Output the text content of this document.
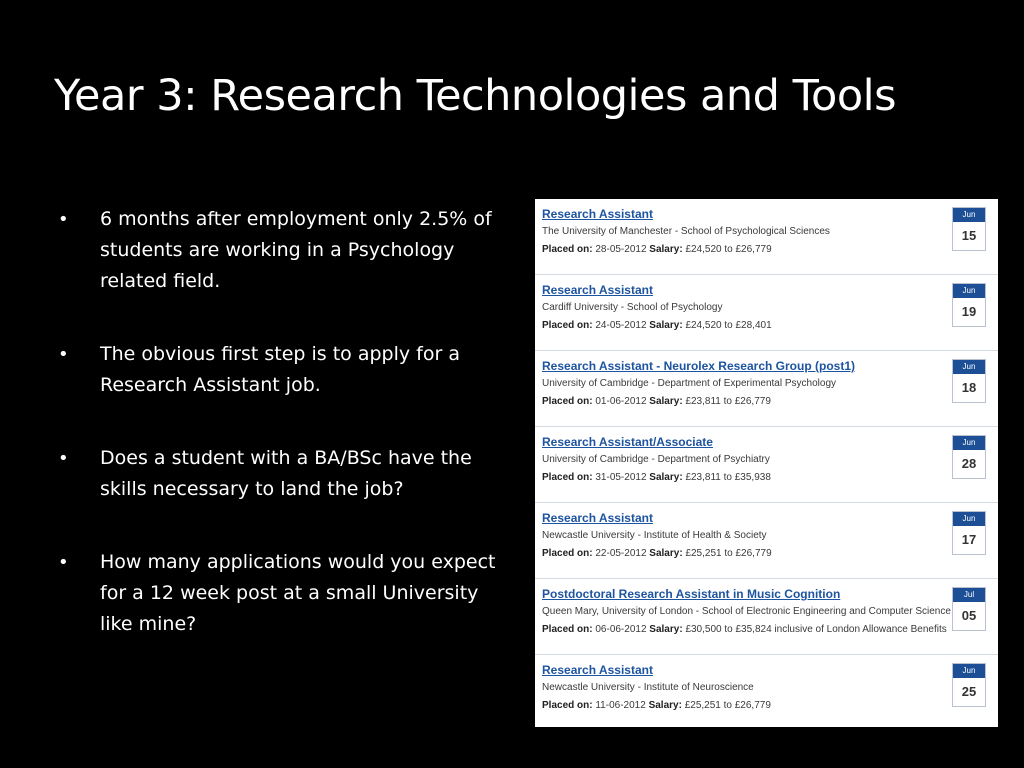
Year 3: Research Technologies and Tools
• 6 months after employment only 2.5% of students are working in a Psychology related field.
• The obvious first step is to apply for a Research Assistant job.
• Does a student with a BA/BSc have the skills necessary to land the job?
• How many applications would you expect for a 12 week post at a small University like mine?
Research Assistant
The University of Manchester - School of Psychological Sciences
Placed on: 28-05-2012 Salary: £24,520 to £26,779
Jun
15
Research Assistant
Cardiff University - School of Psychology
Placed on: 24-05-2012 Salary: £24,520 to £28,401
Jun
19
Research Assistant - Neurolex Research Group (post1)
University of Cambridge - Department of Experimental Psychology
Placed on: 01-06-2012 Salary: £23,811 to £26,779
Jun
18
Research Assistant/Associate
University of Cambridge - Department of Psychiatry
Placed on: 31-05-2012 Salary: £23,811 to £35,938
Jun
28
Research Assistant
Newcastle University - Institute of Health & Society
Placed on: 22-05-2012 Salary: £25,251 to £26,779
Jun
17
Postdoctoral Research Assistant in Music Cognition
Queen Mary, University of London - School of Electronic Engineering and Computer Science
Placed on: 06-06-2012 Salary: £30,500 to £35,824 inclusive of London Allowance Benefits
Jul
05
Research Assistant
Newcastle University - Institute of Neuroscience
Placed on: 11-06-2012 Salary: £25,251 to £26,779
Jun
25
